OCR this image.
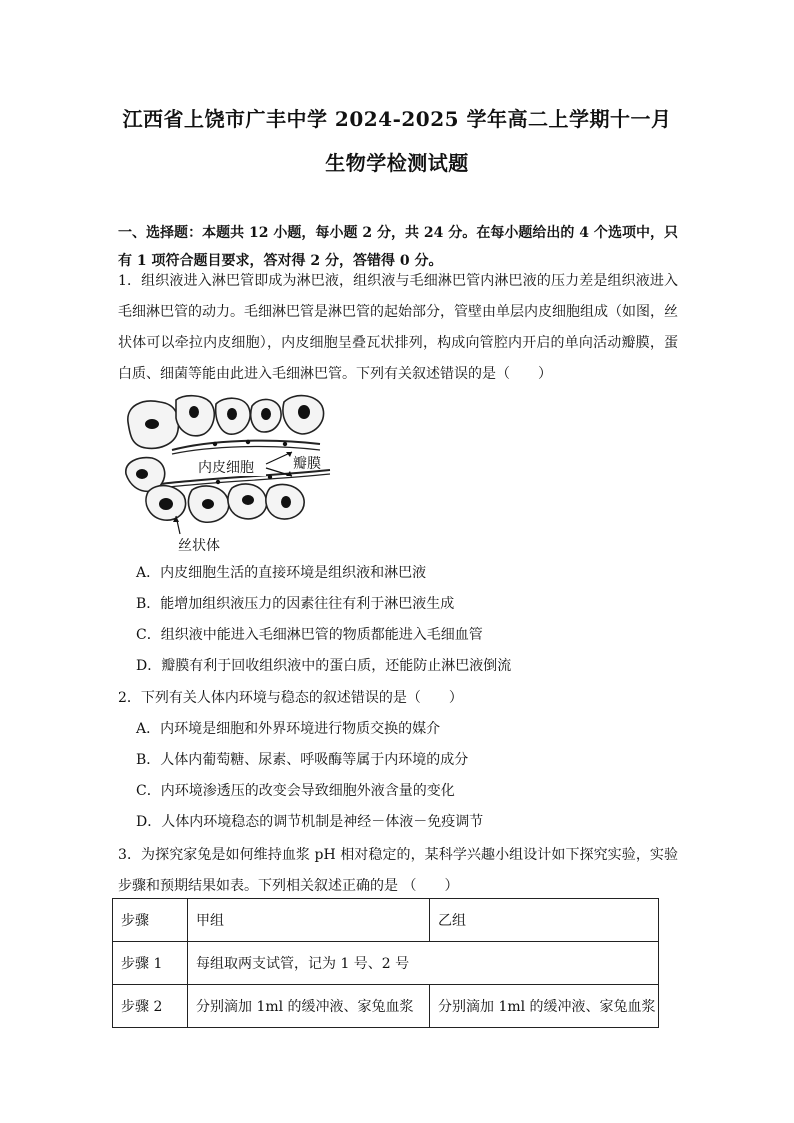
江西省上饶市广丰中学 2024-2025 学年高二上学期十一月
生物学检测试题
一、选择题：本题共 12 小题，每小题 2 分，共 24 分。在每小题给出的 4 个选项中，只有 1 项符合题目要求，答对得 2 分，答错得 0 分。
1．组织液进入淋巴管即成为淋巴液，组织液与毛细淋巴管内淋巴液的压力差是组织液进入毛细淋巴管的动力。毛细淋巴管是淋巴管的起始部分，管壁由单层内皮细胞组成（如图，丝状体可以牵拉内皮细胞），内皮细胞呈叠瓦状排列，构成向管腔内开启的单向活动瓣膜，蛋白质、细菌等能由此进入毛细淋巴管。下列有关叙述错误的是（　　）
内皮细胞	瓣膜
丝状体
A．内皮细胞生活的直接环境是组织液和淋巴液
B．能增加组织液压力的因素往往有利于淋巴液生成
C．组织液中能进入毛细淋巴管的物质都能进入毛细血管
D．瓣膜有利于回收组织液中的蛋白质，还能防止淋巴液倒流
2．下列有关人体内环境与稳态的叙述错误的是（　　）
A．内环境是细胞和外界环境进行物质交换的媒介
B．人体内葡萄糖、尿素、呼吸酶等属于内环境的成分
C．内环境渗透压的改变会导致细胞外液含量的变化
D．人体内环境稳态的调节机制是神经－体液－免疫调节
3．为探究家兔是如何维持血浆 pH 相对稳定的，某科学兴趣小组设计如下探究实验，实验步骤和预期结果如表。下列相关叙述正确的是 （　　）
步骤	甲组	乙组
步骤 1	每组取两支试管，记为 1 号、2 号	
步骤 2	分别滴加 1ml 的缓冲液、家兔血浆	分别滴加 1ml 的缓冲液、家兔血浆
